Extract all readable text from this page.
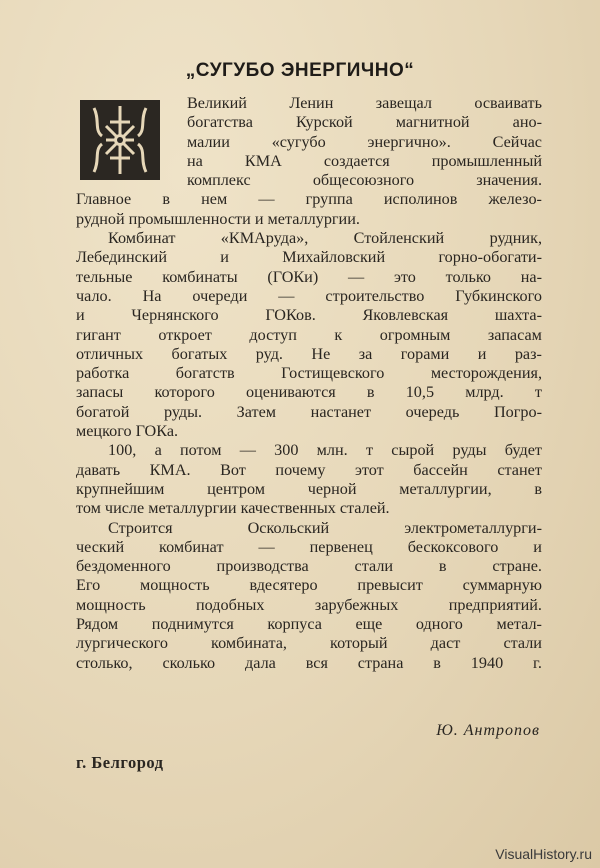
„СУГУБО ЭНЕРГИЧНО“
Великий	Ленин	завещал	осваивать
богатства	Курской	магнитной	ано-
малии	«сугубо	энергично».	Сейчас
на	КМА	создается	промышленный
комплекс	общесоюзного	значения.
Главное в нем — группа исполинов железо-
рудной промышленности и металлургии.
Комбинат	«КМАруда»,	Стойленский	рудник,
Лебединский	и	Михайловский	горно-обогати-
тельные комбинаты (ГОКи) — это только на-
чало. На очереди — строительство Губкинского
и	Чернянского	ГОКов.	Яковлевская	шахта-
гигант откроет доступ к огромным запасам
отличных богатых руд. Не за горами и раз-
работка	богатств	Гостищевского	месторождения,
запасы которого оцениваются в 10,5 млрд. т
богатой руды. Затем настанет очередь Погро-
мецкого ГОКа.
100, а потом — 300 млн. т сырой руды будет
давать КМА. Вот почему этот бассейн станет
крупнейшим	центром	черной	металлургии,	в
том числе металлургии качественных сталей.
Строится	Оскольский	электрометаллурги-
ческий комбинат — первенец бескоксового и
бездоменного	производства	стали	в	стране.
Его мощность вдесятеро превысит суммарную
мощность	подобных	зарубежных	предприятий.
Рядом поднимутся корпуса еще одного метал-
лургического	комбината,	который	даст	стали
столько, сколько дала вся страна в 1940 г.
Ю. Антропов
г. Белгород
VisualHistory.ru
